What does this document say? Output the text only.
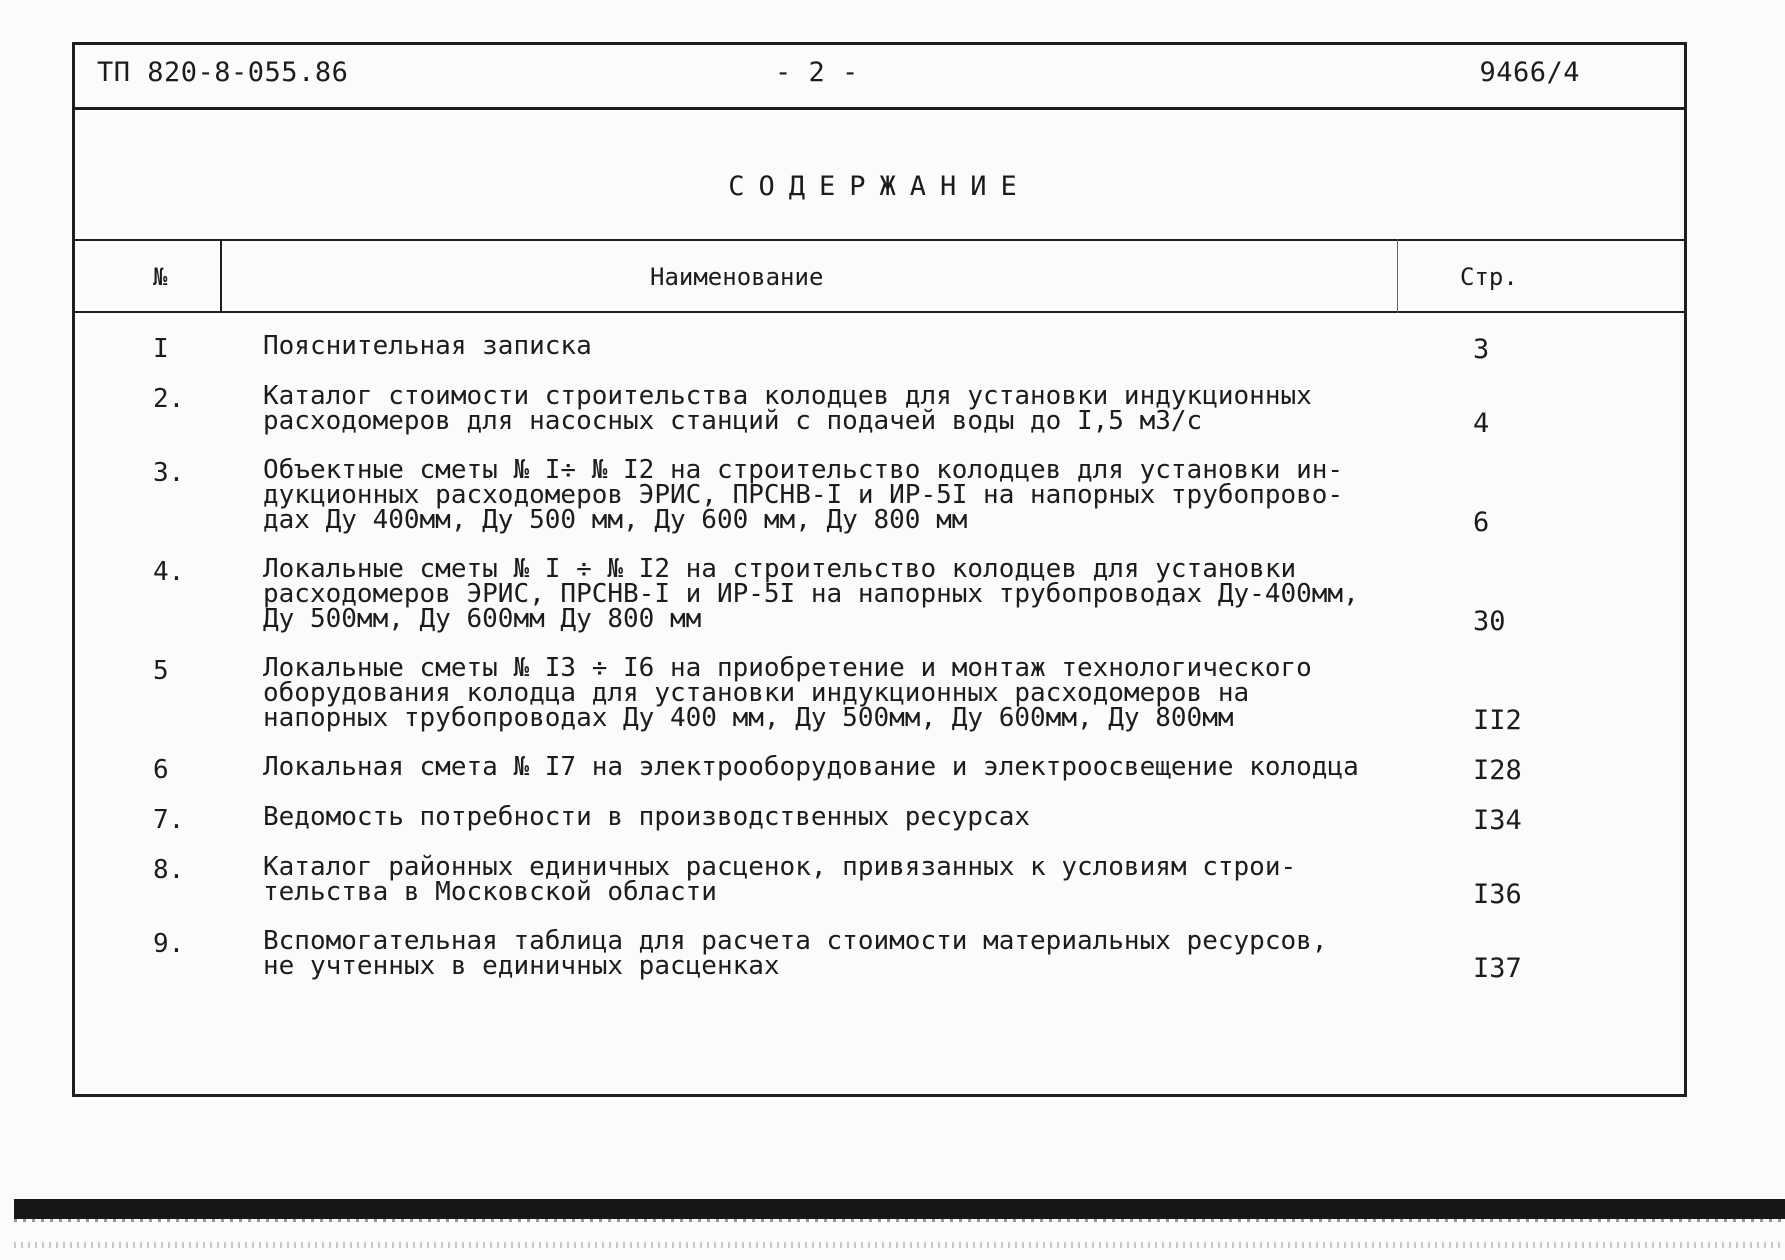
ТП 820-8-055.86	- 2 -	9466/4
СОДЕРЖАНИЕ
№	Наименование	Стр.
I	Пояснительная записка	3
2.	Каталог стоимости строительства колодцев для установки индукционных
расходомеров для насосных станций с подачей воды до I,5 м3/с	4
3.	Объектные сметы № I÷ № I2 на строительство колодцев для установки ин-
дукционных расходомеров ЭРИС, ПРСНВ-I и ИР-5I на напорных трубопрово-
дах Ду 400мм, Ду 500 мм, Ду 600 мм, Ду 800 мм	6
4.	Локальные сметы № I ÷ № I2 на строительство колодцев для установки
расходомеров ЭРИС, ПРСНВ-I и ИР-5I на напорных трубопроводах Ду-400мм,
Ду 500мм, Ду 600мм Ду 800 мм	30
5	Локальные сметы № I3 ÷ I6 на приобретение и монтаж технологического
оборудования колодца для установки индукционных расходомеров на
напорных трубопроводах Ду 400 мм, Ду 500мм, Ду 600мм, Ду 800мм	II2
6	Локальная смета № I7 на электрооборудование и электроосвещение колодца	I28
7.	Ведомость потребности в производственных ресурсах	I34
8.	Каталог районных единичных расценок, привязанных к условиям строи-
тельства в Московской области	I36
9.	Вспомогательная таблица для расчета стоимости материальных ресурсов,
не учтенных в единичных расценках	I37
